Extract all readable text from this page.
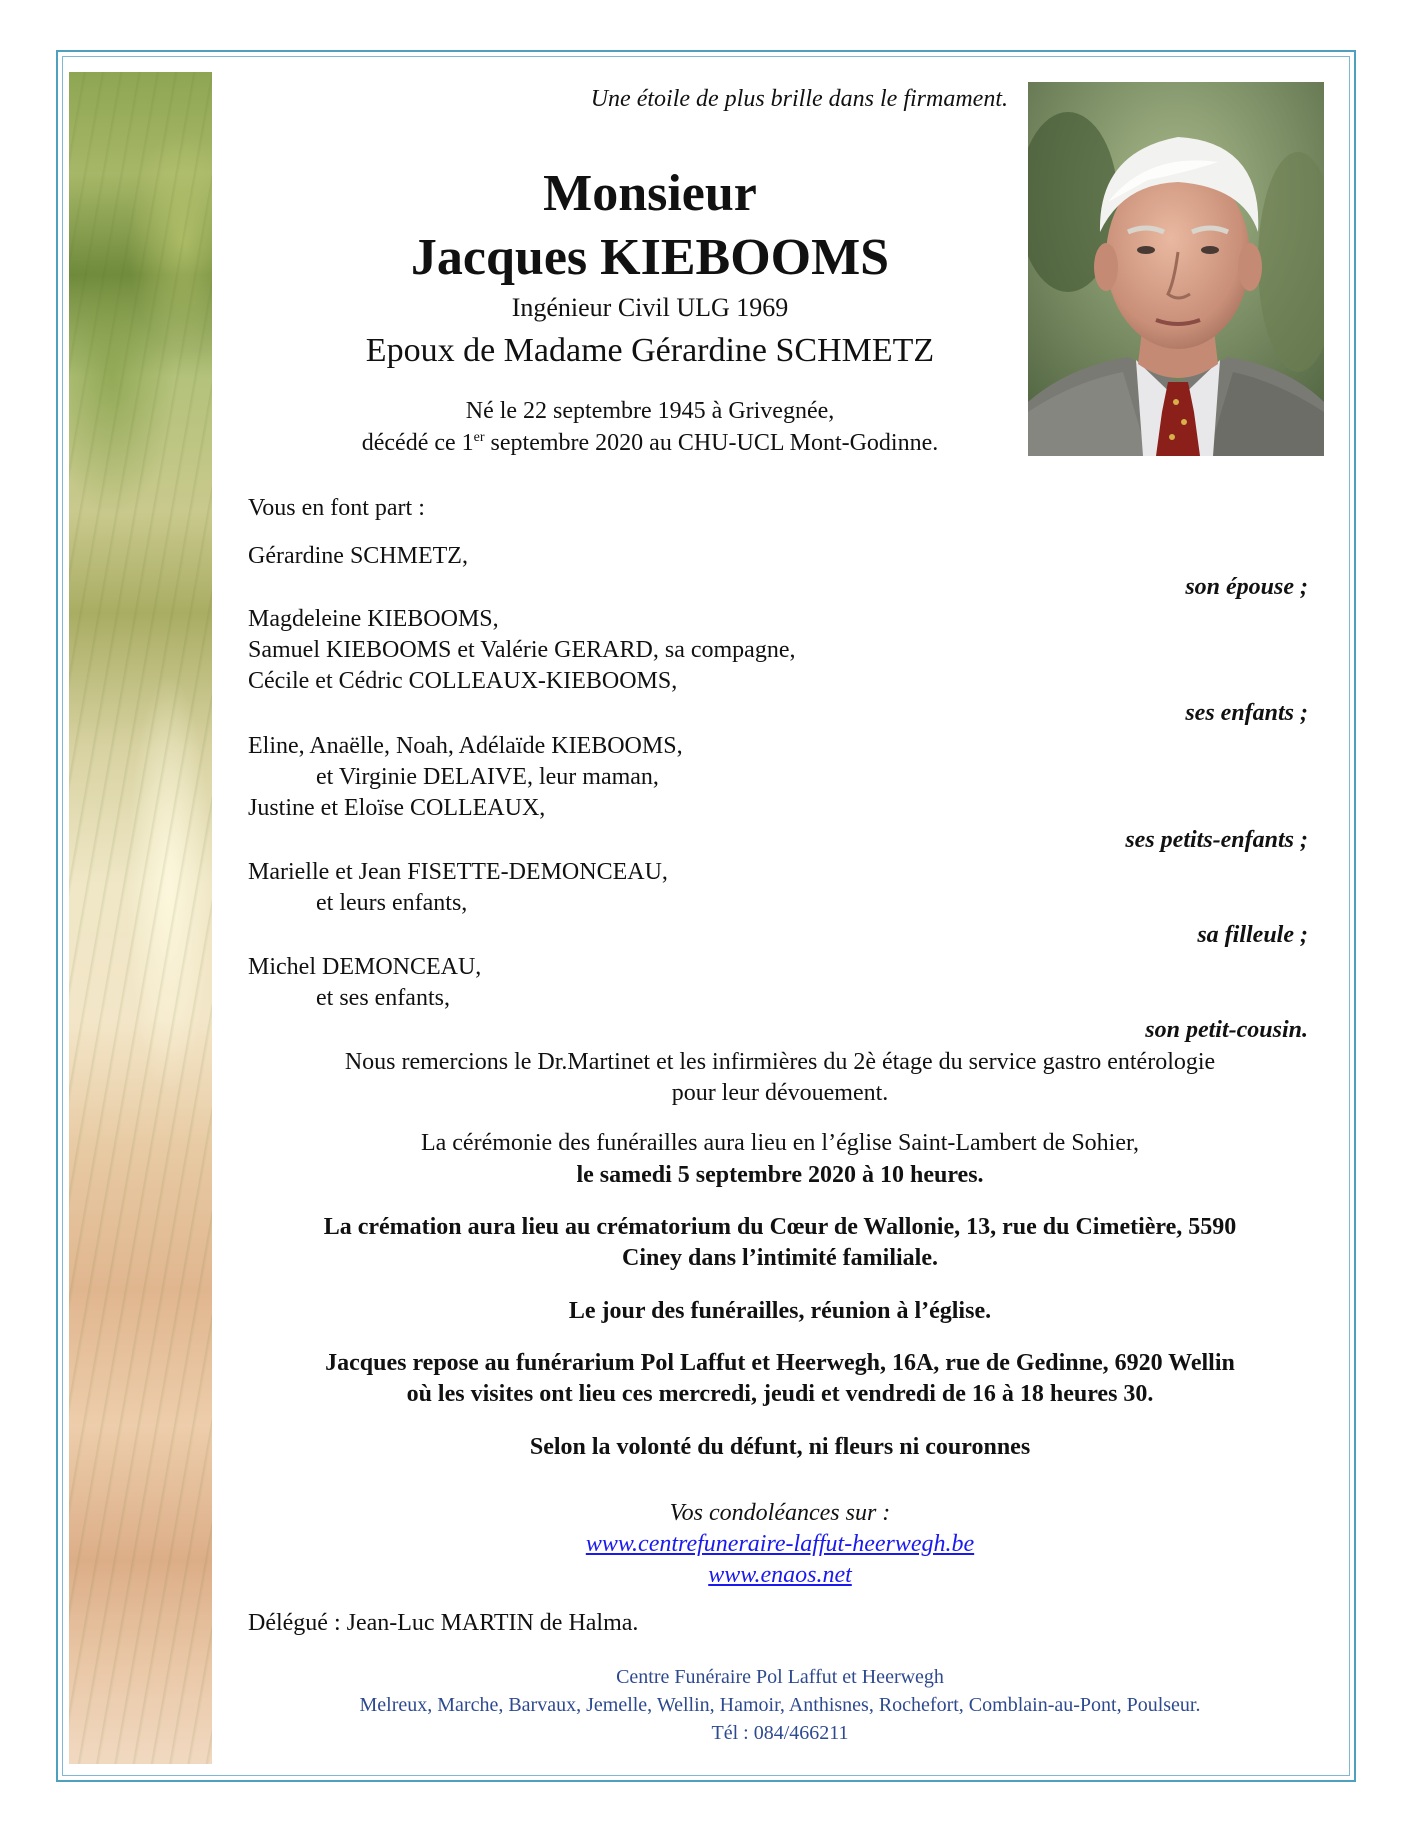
Une étoile de plus brille dans le firmament.
Monsieur
Jacques KIEBOOMS
Ingénieur Civil ULG 1969
Epoux de Madame Gérardine SCHMETZ
Né le 22 septembre 1945 à Grivegnée,
décédé ce 1er septembre 2020 au CHU-UCL Mont-Godinne.
Vous en font part :
Gérardine SCHMETZ,
son épouse ;
Magdeleine KIEBOOMS,
Samuel KIEBOOMS et Valérie GERARD, sa compagne,
Cécile et Cédric COLLEAUX-KIEBOOMS,
ses enfants ;
Eline, Anaëlle, Noah, Adélaïde KIEBOOMS,
et Virginie DELAIVE, leur maman,
Justine et Eloïse COLLEAUX,
ses petits-enfants ;
Marielle et Jean FISETTE-DEMONCEAU,
et leurs enfants,
sa filleule ;
Michel DEMONCEAU,
et ses enfants,
son petit-cousin.
Nous remercions le Dr.Martinet et les infirmières du 2è étage du service gastro entérologie
pour leur dévouement.
La cérémonie des funérailles aura lieu en l’église Saint-Lambert de Sohier,
le samedi 5 septembre 2020 à 10 heures.
La crémation aura lieu au crématorium du Cœur de Wallonie, 13, rue du Cimetière, 5590
Ciney dans l’intimité familiale.
Le jour des funérailles, réunion à l’église.
Jacques repose au funérarium Pol Laffut et Heerwegh, 16A, rue de Gedinne, 6920 Wellin
où les visites ont lieu ces mercredi, jeudi et vendredi de 16 à 18 heures 30.
Selon la volonté du défunt, ni fleurs ni couronnes
Vos condoléances sur :
www.centrefuneraire-laffut-heerwegh.be
www.enaos.net
Délégué : Jean-Luc MARTIN de Halma.
Centre Funéraire Pol Laffut et Heerwegh
Melreux, Marche, Barvaux, Jemelle, Wellin, Hamoir, Anthisnes, Rochefort, Comblain-au-Pont, Poulseur.
Tél : 084/466211
